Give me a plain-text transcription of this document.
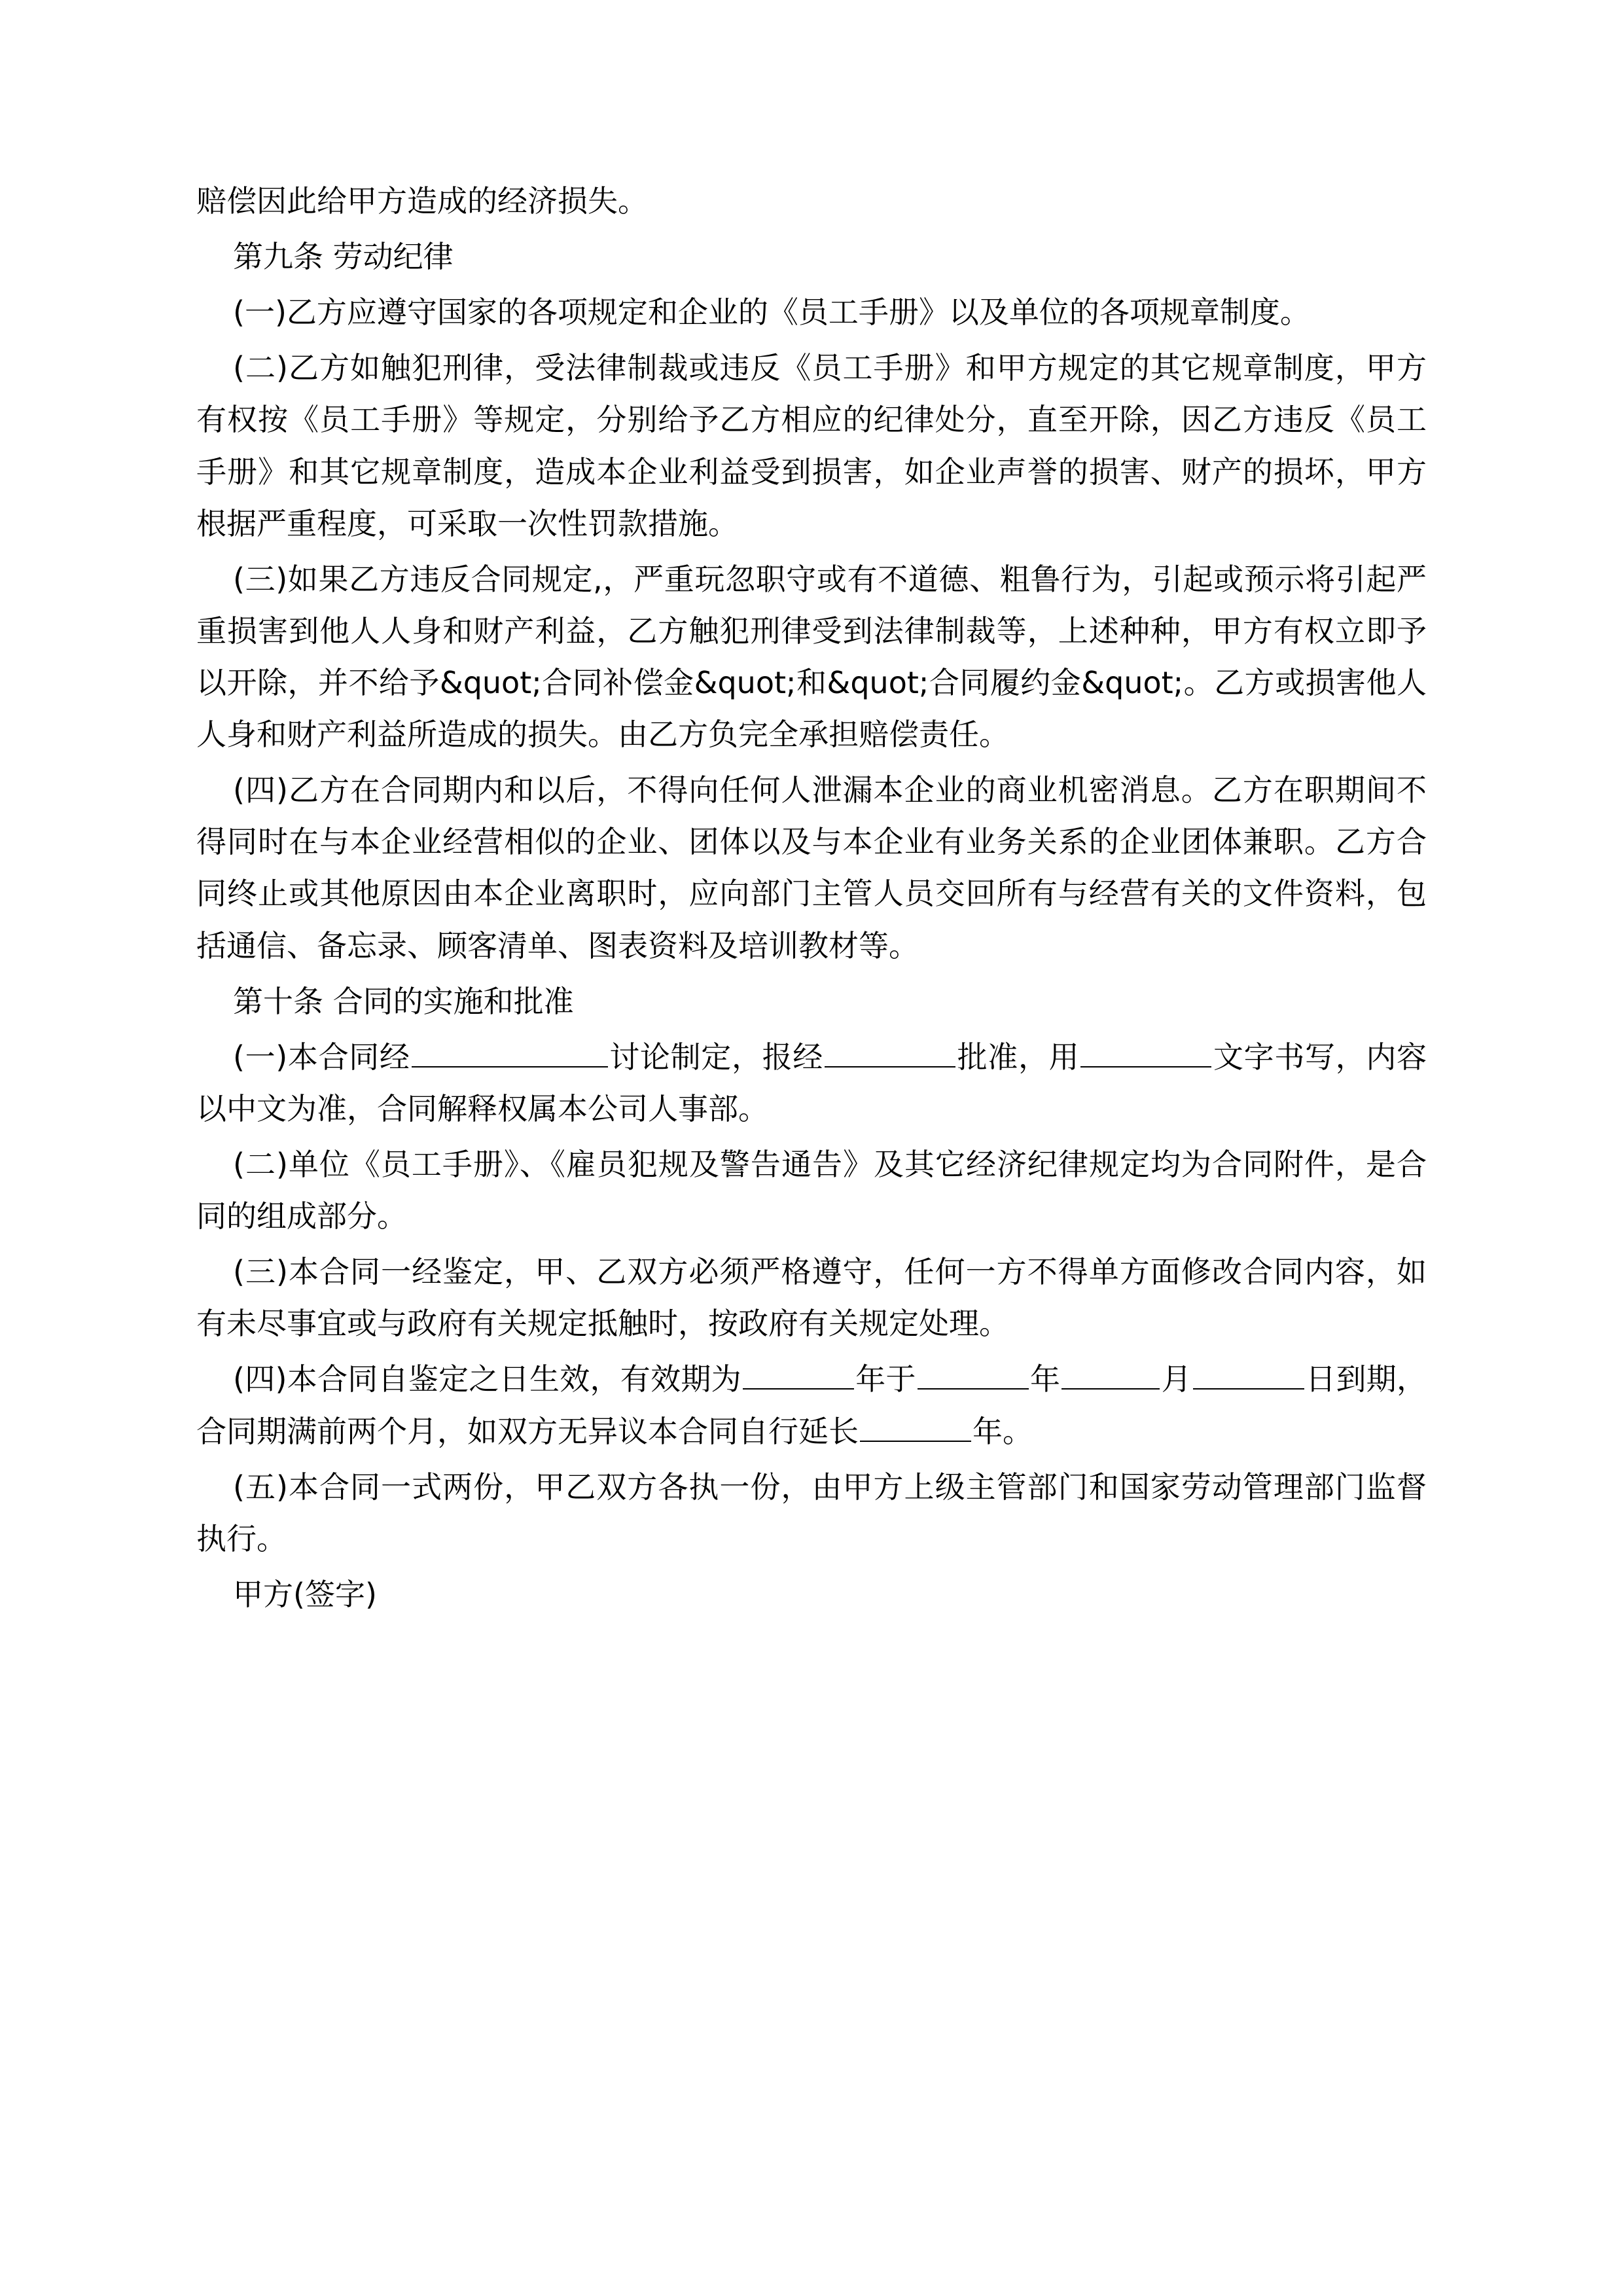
赔偿因此给甲方造成的经济损失。

第九条 劳动纪律

(一)乙方应遵守国家的各项规定和企业的《员工手册》以及单位的各项规章制度。

(二)乙方如触犯刑律，受法律制裁或违反《员工手册》和甲方规定的其它规章制度，甲方有权按《员工手册》等规定，分别给予乙方相应的纪律处分，直至开除，因乙方违反《员工手册》和其它规章制度，造成本企业利益受到损害，如企业声誉的损害、财产的损坏，甲方根据严重程度，可采取一次性罚款措施。

(三)如果乙方违反合同规定,，严重玩忽职守或有不道德、粗鲁行为，引起或预示将引起严重损害到他人人身和财产利益，乙方触犯刑律受到法律制裁等，上述种种，甲方有权立即予以开除，并不给予&quot;合同补偿金&quot;和&quot;合同履约金&quot;。乙方或损害他人人身和财产利益所造成的损失。由乙方负完全承担赔偿责任。

(四)乙方在合同期内和以后，不得向任何人泄漏本企业的商业机密消息。乙方在职期间不得同时在与本企业经营相似的企业、团体以及与本企业有业务关系的企业团体兼职。乙方合同终止或其他原因由本企业离职时，应向部门主管人员交回所有与经营有关的文件资料，包括通信、备忘录、顾客清单、图表资料及培训教材等。

第十条 合同的实施和批准

(一)本合同经	讨论制定，报经	批准，用	文字书写，内容以中文为准，合同解释权属本公司人事部。

(二)单位《员工手册》、《雇员犯规及警告通告》及其它经济纪律规定均为合同附件，是合同的组成部分。

(三)本合同一经鉴定，甲、乙双方必须严格遵守，任何一方不得单方面修改合同内容，如有未尽事宜或与政府有关规定抵触时，按政府有关规定处理。

(四)本合同自鉴定之日生效，有效期为	年于	年	月	日到期，合同期满前两个月，如双方无异议本合同自行延长	年。

(五)本合同一式两份，甲乙双方各执一份，由甲方上级主管部门和国家劳动管理部门监督执行。

甲方(签字)
